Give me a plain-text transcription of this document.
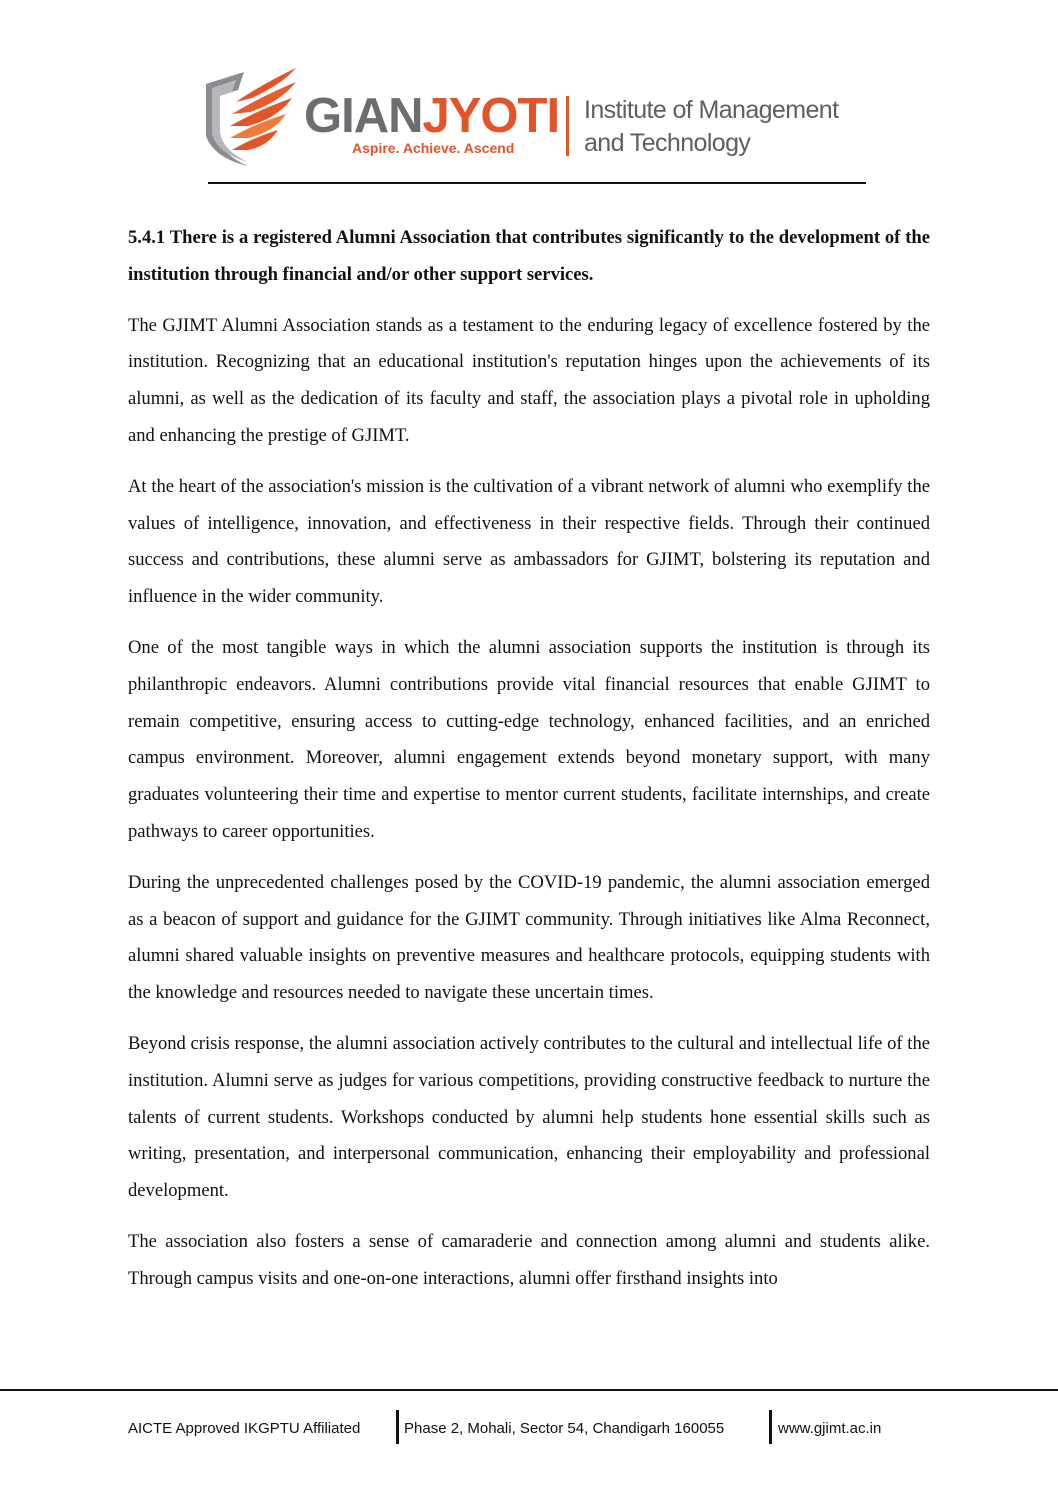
GIANJYOTI
Aspire. Achieve. Ascend
Institute of Management
and Technology

5.4.1 There is a registered Alumni Association that contributes significantly to the development of the institution through financial and/or other support services.

The GJIMT Alumni Association stands as a testament to the enduring legacy of excellence fostered by the institution. Recognizing that an educational institution's reputation hinges upon the achievements of its alumni, as well as the dedication of its faculty and staff, the association plays a pivotal role in upholding and enhancing the prestige of GJIMT.

At the heart of the association's mission is the cultivation of a vibrant network of alumni who exemplify the values of intelligence, innovation, and effectiveness in their respective fields. Through their continued success and contributions, these alumni serve as ambassadors for GJIMT, bolstering its reputation and influence in the wider community.

One of the most tangible ways in which the alumni association supports the institution is through its philanthropic endeavors. Alumni contributions provide vital financial resources that enable GJIMT to remain competitive, ensuring access to cutting-edge technology, enhanced facilities, and an enriched campus environment. Moreover, alumni engagement extends beyond monetary support, with many graduates volunteering their time and expertise to mentor current students, facilitate internships, and create pathways to career opportunities.

During the unprecedented challenges posed by the COVID-19 pandemic, the alumni association emerged as a beacon of support and guidance for the GJIMT community. Through initiatives like Alma Reconnect, alumni shared valuable insights on preventive measures and healthcare protocols, equipping students with the knowledge and resources needed to navigate these uncertain times.

Beyond crisis response, the alumni association actively contributes to the cultural and intellectual life of the institution. Alumni serve as judges for various competitions, providing constructive feedback to nurture the talents of current students. Workshops conducted by alumni help students hone essential skills such as writing, presentation, and interpersonal communication, enhancing their employability and professional development.

The association also fosters a sense of camaraderie and connection among alumni and students alike. Through campus visits and one-on-one interactions, alumni offer firsthand insights into

AICTE Approved IKGPTU Affiliated	Phase 2, Mohali, Sector 54, Chandigarh 160055	www.gjimt.ac.in
